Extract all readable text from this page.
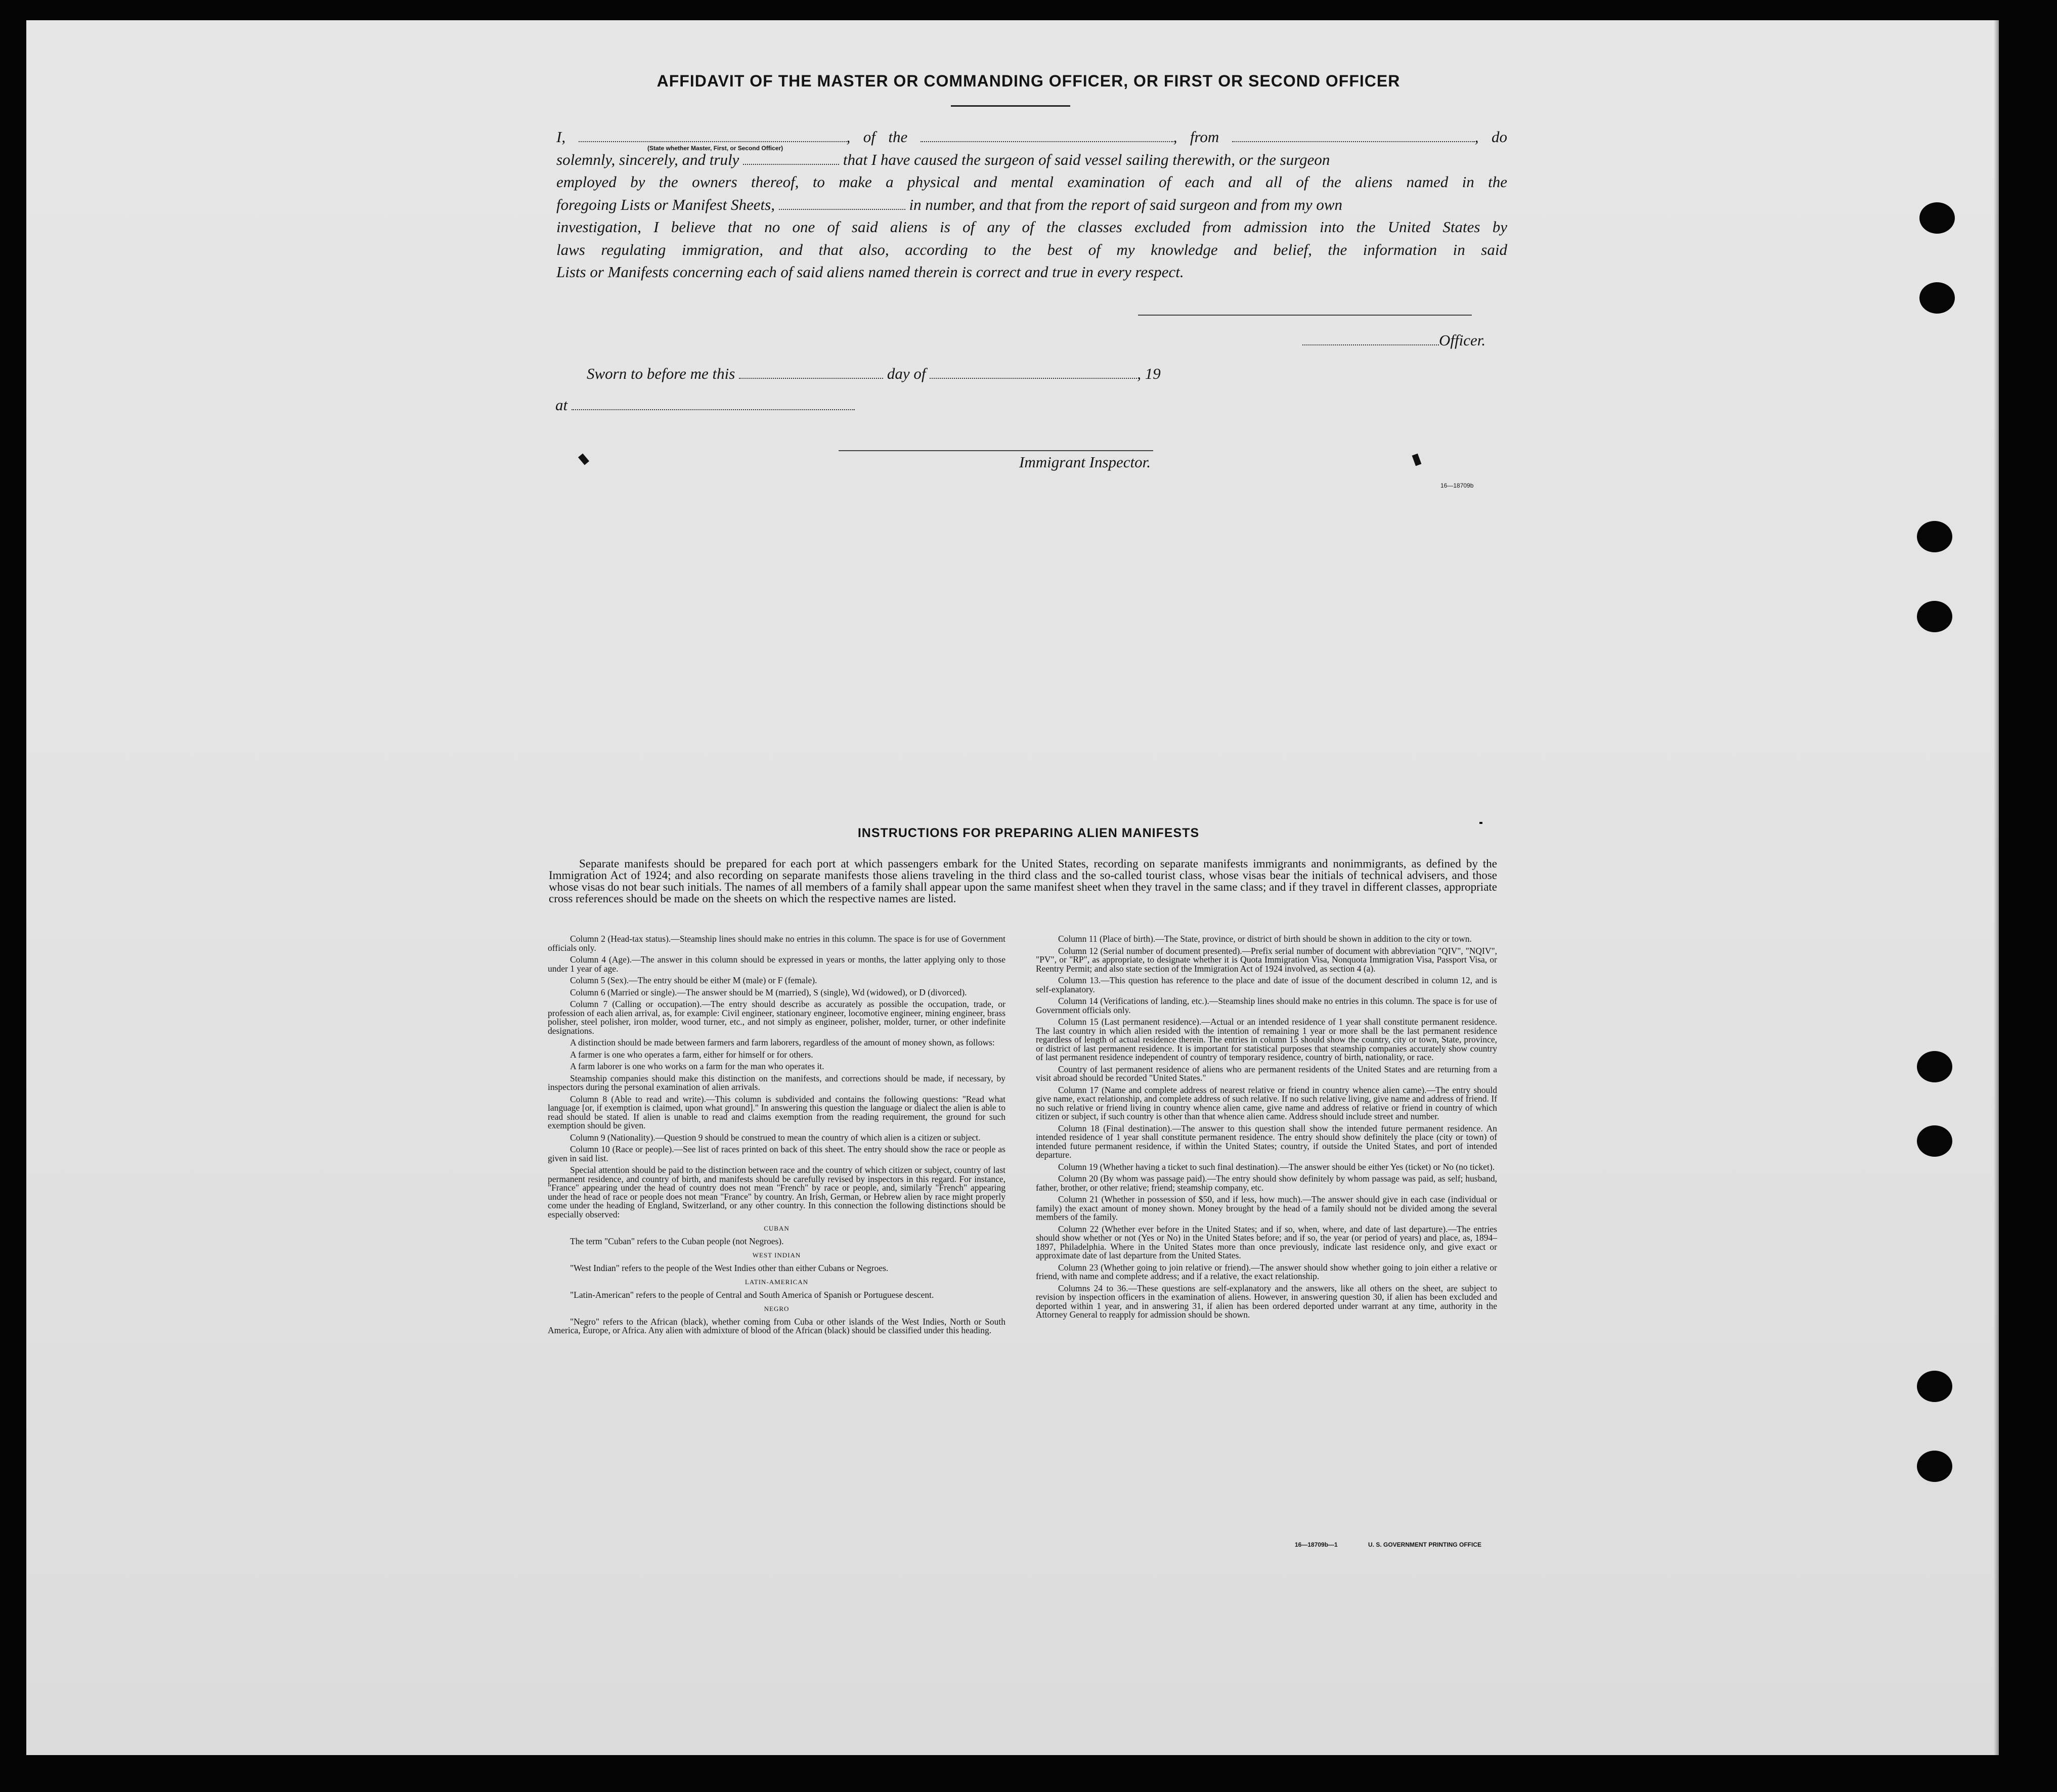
AFFIDAVIT OF THE MASTER OR COMMANDING OFFICER, OR FIRST OR SECOND OFFICER
I,	, of the	, from	, do
(State whether Master, First, or Second Officer)
solemnly, sincerely, and truly	that I have caused the surgeon of said vessel sailing therewith, or the surgeon
employed by the owners thereof, to make a physical and mental examination of each and all of the aliens named in the
foregoing Lists or Manifest Sheets,	in number, and that from the report of said surgeon and from my own
investigation, I believe that no one of said aliens is of any of the classes excluded from admission into the United States by
laws regulating immigration, and that also, according to the best of my knowledge and belief, the information in said
Lists or Manifests concerning each of said aliens named therein is correct and true in every respect.
Officer.
Sworn to before me this	day of	, 19
at
Immigrant Inspector.
16—18709b
INSTRUCTIONS FOR PREPARING ALIEN MANIFESTS
Separate manifests should be prepared for each port at which passengers embark for the United States, recording on separate manifests immigrants and nonimmigrants, as defined by the Immigration Act of 1924; and also recording on separate manifests those aliens traveling in the third class and the so-called tourist class, whose visas bear the initials of technical advisers, and those whose visas do not bear such initials. The names of all members of a family shall appear upon the same manifest sheet when they travel in the same class; and if they travel in different classes, appropriate cross references should be made on the sheets on which the respective names are listed.

Column 2 (Head-tax status).—Steamship lines should make no entries in this column. The space is for use of Government officials only.

Column 4 (Age).—The answer in this column should be expressed in years or months, the latter applying only to those under 1 year of age.

Column 5 (Sex).—The entry should be either M (male) or F (female).

Column 6 (Married or single).—The answer should be M (married), S (single), Wd (widowed), or D (divorced).

Column 7 (Calling or occupation).—The entry should describe as accurately as possible the occupation, trade, or profession of each alien arrival, as, for example: Civil engineer, stationary engineer, locomotive engineer, mining engineer, brass polisher, steel polisher, iron molder, wood turner, etc., and not simply as engineer, polisher, molder, turner, or other indefinite designations.

A distinction should be made between farmers and farm laborers, regardless of the amount of money shown, as follows:

A farmer is one who operates a farm, either for himself or for others.

A farm laborer is one who works on a farm for the man who operates it.

Steamship companies should make this distinction on the manifests, and corrections should be made, if necessary, by inspectors during the personal examination of alien arrivals.

Column 8 (Able to read and write).—This column is subdivided and contains the following questions: "Read what language [or, if exemption is claimed, upon what ground]." In answering this question the language or dialect the alien is able to read should be stated. If alien is unable to read and claims exemption from the reading requirement, the ground for such exemption should be given.

Column 9 (Nationality).—Question 9 should be construed to mean the country of which alien is a citizen or subject.

Column 10 (Race or people).—See list of races printed on back of this sheet. The entry should show the race or people as given in said list.

Special attention should be paid to the distinction between race and the country of which citizen or subject, country of last permanent residence, and country of birth, and manifests should be carefully revised by inspectors in this regard. For instance, "France" appearing under the head of country does not mean "French" by race or people, and, similarly "French" appearing under the head of race or people does not mean "France" by country. An Irish, German, or Hebrew alien by race might properly come under the heading of England, Switzerland, or any other country. In this connection the following distinctions should be especially observed:

CUBAN

The term "Cuban" refers to the Cuban people (not Negroes).

WEST INDIAN

"West Indian" refers to the people of the West Indies other than either Cubans or Negroes.

LATIN-AMERICAN

"Latin-American" refers to the people of Central and South America of Spanish or Portuguese descent.

NEGRO

"Negro" refers to the African (black), whether coming from Cuba or other islands of the West Indies, North or South America, Europe, or Africa. Any alien with admixture of blood of the African (black) should be classified under this heading.

Column 11 (Place of birth).—The State, province, or district of birth should be shown in addition to the city or town.

Column 12 (Serial number of document presented).—Prefix serial number of document with abbreviation "QIV", "NQIV", "PV", or "RP", as appropriate, to designate whether it is Quota Immigration Visa, Nonquota Immigration Visa, Passport Visa, or Reentry Permit; and also state section of the Immigration Act of 1924 involved, as section 4 (a).

Column 13.—This question has reference to the place and date of issue of the document described in column 12, and is self-explanatory.

Column 14 (Verifications of landing, etc.).—Steamship lines should make no entries in this column. The space is for use of Government officials only.

Column 15 (Last permanent residence).—Actual or an intended residence of 1 year shall constitute permanent residence. The last country in which alien resided with the intention of remaining 1 year or more shall be the last permanent residence regardless of length of actual residence therein. The entries in column 15 should show the country, city or town, State, province, or district of last permanent residence. It is important for statistical purposes that steamship companies accurately show country of last permanent residence independent of country of temporary residence, country of birth, nationality, or race.

Country of last permanent residence of aliens who are permanent residents of the United States and are returning from a visit abroad should be recorded "United States."

Column 17 (Name and complete address of nearest relative or friend in country whence alien came).—The entry should give name, exact relationship, and complete address of such relative. If no such relative living, give name and address of friend. If no such relative or friend living in country whence alien came, give name and address of relative or friend in country of which citizen or subject, if such country is other than that whence alien came. Address should include street and number.

Column 18 (Final destination).—The answer to this question shall show the intended future permanent residence. An intended residence of 1 year shall constitute permanent residence. The entry should show definitely the place (city or town) of intended future permanent residence, if within the United States; country, if outside the United States, and port of intended departure.

Column 19 (Whether having a ticket to such final destination).—The answer should be either Yes (ticket) or No (no ticket).

Column 20 (By whom was passage paid).—The entry should show definitely by whom passage was paid, as self; husband, father, brother, or other relative; friend; steamship company, etc.

Column 21 (Whether in possession of $50, and if less, how much).—The answer should give in each case (individual or family) the exact amount of money shown. Money brought by the head of a family should not be divided among the several members of the family.

Column 22 (Whether ever before in the United States; and if so, when, where, and date of last departure).—The entries should show whether or not (Yes or No) in the United States before; and if so, the year (or period of years) and place, as, 1894–1897, Philadelphia. Where in the United States more than once previously, indicate last residence only, and give exact or approximate date of last departure from the United States.

Column 23 (Whether going to join relative or friend).—The answer should show whether going to join either a relative or friend, with name and complete address; and if a relative, the exact relationship.

Columns 24 to 36.—These questions are self-explanatory and the answers, like all others on the sheet, are subject to revision by inspection officers in the examination of aliens. However, in answering question 30, if alien has been excluded and deported within 1 year, and in answering 31, if alien has been ordered deported under warrant at any time, authority in the Attorney General to reapply for admission should be shown.

16—18709b—1	U. S. GOVERNMENT PRINTING OFFICE
